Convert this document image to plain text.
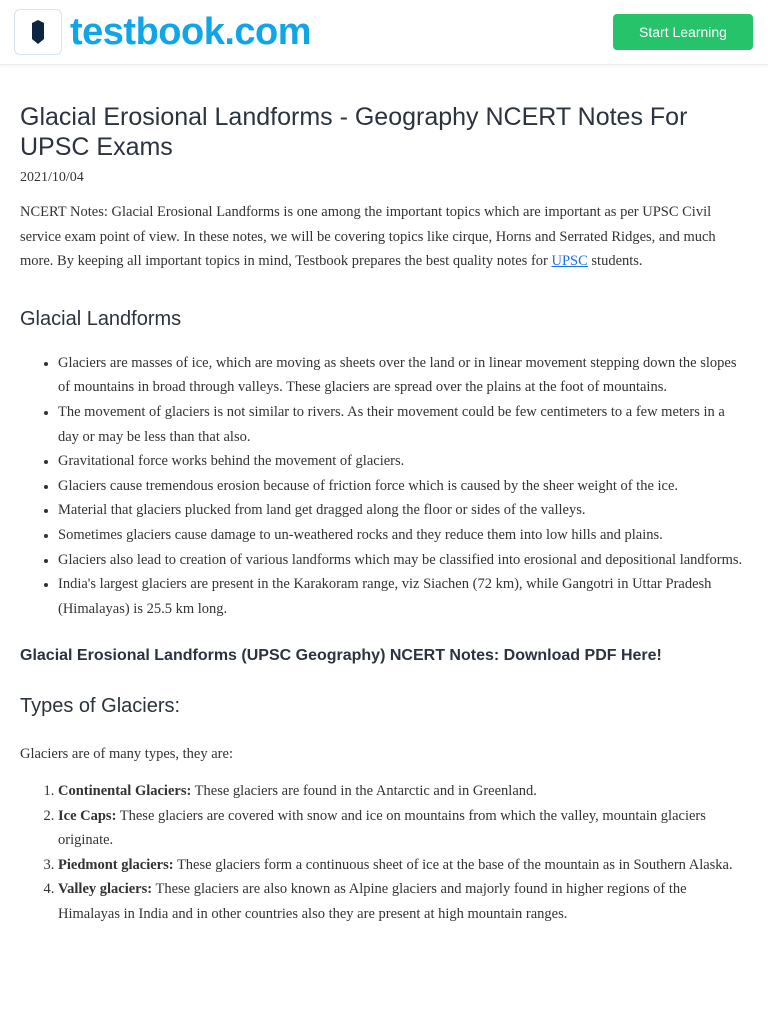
testbook.com	Start Learning
Glacial Erosional Landforms - Geography NCERT Notes For UPSC Exams
2021/10/04

NCERT Notes: Glacial Erosional Landforms is one among the important topics which are important as per UPSC Civil service exam point of view. In these notes, we will be covering topics like cirque, Horns and Serrated Ridges, and much more. By keeping all important topics in mind, Testbook prepares the best quality notes for UPSC students.

Glacial Landforms
• Glaciers are masses of ice, which are moving as sheets over the land or in linear movement stepping down the slopes of mountains in broad through valleys. These glaciers are spread over the plains at the foot of mountains.
• The movement of glaciers is not similar to rivers. As their movement could be few centimeters to a few meters in a day or may be less than that also.
• Gravitational force works behind the movement of glaciers.
• Glaciers cause tremendous erosion because of friction force which is caused by the sheer weight of the ice.
• Material that glaciers plucked from land get dragged along the floor or sides of the valleys.
• Sometimes glaciers cause damage to un-weathered rocks and they reduce them into low hills and plains.
• Glaciers also lead to creation of various landforms which may be classified into erosional and depositional landforms.
• India's largest glaciers are present in the Karakoram range, viz Siachen (72 km), while Gangotri in Uttar Pradesh (Himalayas) is 25.5 km long.
Glacial Erosional Landforms (UPSC Geography) NCERT Notes: Download PDF Here!
Types of Glaciers:

Glaciers are of many types, they are:

1. Continental Glaciers: These glaciers are found in the Antarctic and in Greenland.
2. Ice Caps: These glaciers are covered with snow and ice on mountains from which the valley, mountain glaciers originate.
3. Piedmont glaciers: These glaciers form a continuous sheet of ice at the base of the mountain as in Southern Alaska.
4. Valley glaciers: These glaciers are also known as Alpine glaciers and majorly found in higher regions of the Himalayas in India and in other countries also they are present at high mountain ranges.
